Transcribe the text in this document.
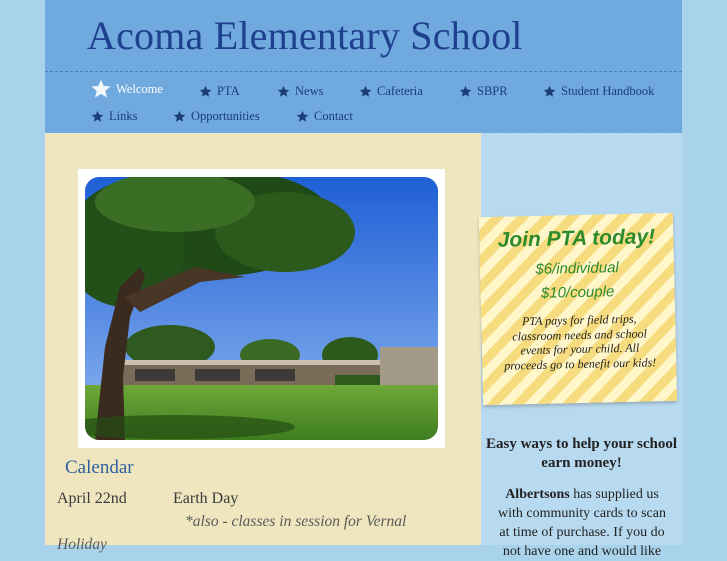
Acoma Elementary School
Welcome	PTA	News	Cafeteria	SBPR	Student Handbook
Links	Opportunities	Contact
Calendar
April 22nd	Earth Day
*also - classes in session for Vernal
Holiday
Join PTA today!
$6/individual
$10/couple
PTA pays for field trips, classroom needs and school events for your child. All proceeds go to benefit our kids!
Easy ways to help your school earn money!
Albertsons has supplied us with community cards to scan at time of purchase. If you do not have one and would like
